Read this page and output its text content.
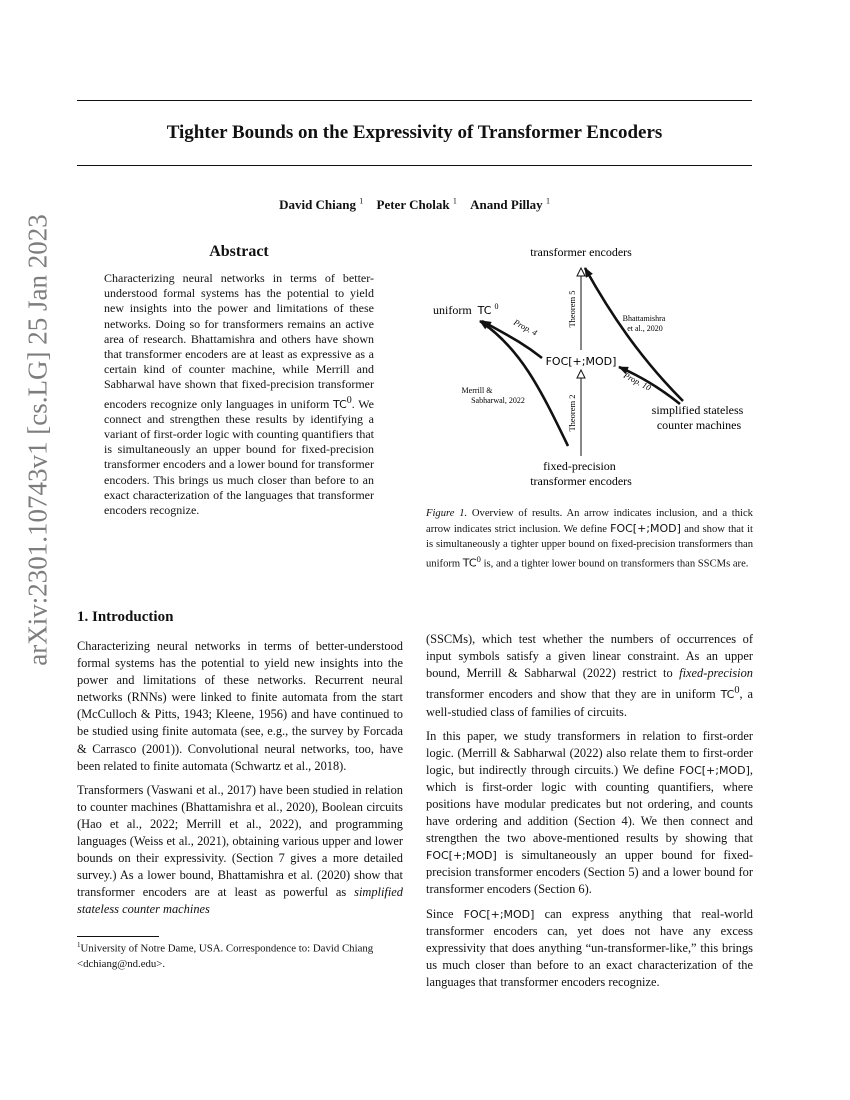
Tighter Bounds on the Expressivity of Transformer Encoders
David Chiang $^1$ Peter Cholak $^1$ Anand Pillay $^1$
arXiv:2301.10743v1 [cs.LG] 25 Jan 2023	Abstract

Characterizing neural networks in terms of better-understood formal systems has the potential to yield new insights into the power and limitations of these networks. Doing so for transformers remains an active area of research. Bhattamishra and others have shown that transformer encoders are at least as expressive as a certain kind of counter machine, while Merrill and Sabharwal have shown that fixed-precision transformer encoders recognize only languages in uniform $TC^0$. We connect and strengthen these results by identifying a variant of first-order logic with counting quantifiers that is simultaneously an upper bound for fixed-precision transformer encoders and a lower bound for transformer encoders. This brings us much closer than before to an exact characterization of the languages that transformer encoders recognize.

transformer encoders
uniform TC $^0$
FOC[+;MOD]
simplified stateless counter machines
fixed-precision transformer encoders
Prop. 4
Prop. 10
Theorem 5
Theorem 2
Bhattamishra et al., 2020
Merrill & Sabharwal, 2022

Figure 1. Overview of results. An arrow indicates inclusion, and a thick arrow indicates strict inclusion. We define FOC[+;MOD] and show that it is simultaneously a tighter upper bound on fixed-precision transformers than uniform $TC^0$ is, and a tighter lower bound on transformers than SSCMs are.

1. Introduction

Characterizing neural networks in terms of better-understood formal systems has the potential to yield new insights into the power and limitations of these networks. Recurrent neural networks (RNNs) were linked to finite automata from the start (McCulloch & Pitts, 1943; Kleene, 1956) and have continued to be studied using finite automata (see, e.g., the survey by Forcada & Carrasco (2001)). Convolutional neural networks, too, have been related to finite automata (Schwartz et al., 2018).

Transformers (Vaswani et al., 2017) have been studied in relation to counter machines (Bhattamishra et al., 2020), Boolean circuits (Hao et al., 2022; Merrill et al., 2022), and programming languages (Weiss et al., 2021), obtaining various upper and lower bounds on their expressivity. (Section 7 gives a more detailed survey.) As a lower bound, Bhattamishra et al. (2020) show that transformer encoders are at least as powerful as simplified stateless counter machines

(SSCMs), which test whether the numbers of occurrences of input symbols satisfy a given linear constraint. As an upper bound, Merrill & Sabharwal (2022) restrict to fixed-precision transformer encoders and show that they are in uniform $TC^0$, a well-studied class of families of circuits.

In this paper, we study transformers in relation to first-order logic. (Merrill & Sabharwal (2022) also relate them to first-order logic, but indirectly through circuits.) We define FOC[+;MOD], which is first-order logic with counting quantifiers, where positions have modular predicates but not ordering, and counts have ordering and addition (Section 4). We then connect and strengthen the two above-mentioned results by showing that FOC[+;MOD] is simultaneously an upper bound for fixed-precision transformer encoders (Section 5) and a lower bound for transformer encoders (Section 6).

Since FOC[+;MOD] can express anything that real-world transformer encoders can, yet does not have any excess expressivity that does anything “un-transformer-like,” this brings us much closer than before to an exact characterization of the languages that transformer encoders recognize.

$^1$University of Notre Dame, USA. Correspondence to: David Chiang <dchiang@nd.edu>.
